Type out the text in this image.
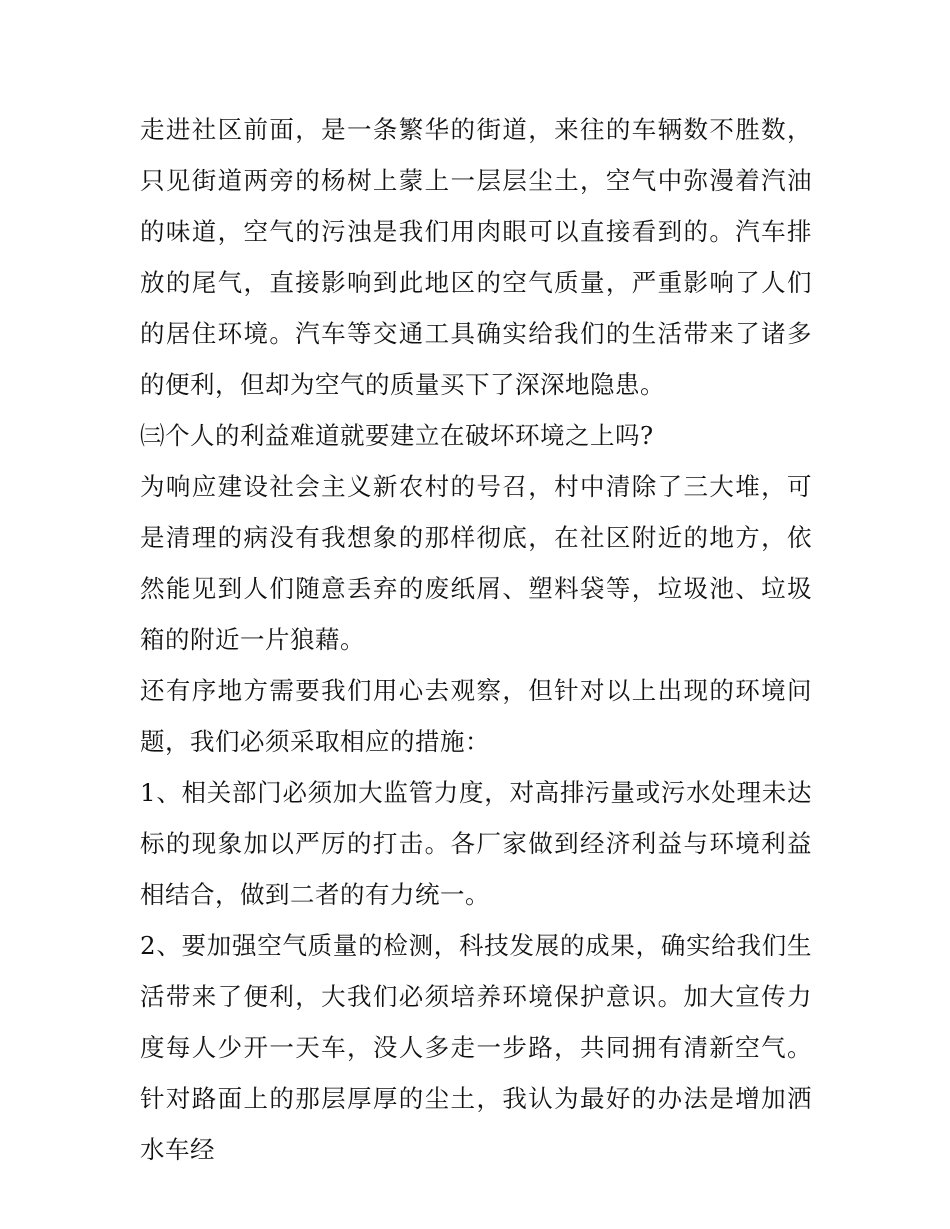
走进社区前面，是一条繁华的街道，来往的车辆数不胜数，只见街道两旁的杨树上蒙上一层层尘土，空气中弥漫着汽油的味道，空气的污浊是我们用肉眼可以直接看到的。汽车排放的尾气，直接影响到此地区的空气质量，严重影响了人们的居住环境。汽车等交通工具确实给我们的生活带来了诸多的便利，但却为空气的质量买下了深深地隐患。

㈢个人的利益难道就要建立在破坏环境之上吗?

为响应建设社会主义新农村的号召，村中清除了三大堆，可是清理的病没有我想象的那样彻底，在社区附近的地方，依然能见到人们随意丢弃的废纸屑、塑料袋等，垃圾池、垃圾箱的附近一片狼藉。

还有序地方需要我们用心去观察，但针对以上出现的环境问题，我们必须采取相应的措施：

1、相关部门必须加大监管力度，对高排污量或污水处理未达标的现象加以严厉的打击。各厂家做到经济利益与环境利益相结合，做到二者的有力统一。

2、要加强空气质量的检测，科技发展的成果，确实给我们生活带来了便利，大我们必须培养环境保护意识。加大宣传力度每人少开一天车，没人多走一步路，共同拥有清新空气。针对路面上的那层厚厚的尘土，我认为最好的办法是增加洒水车经
